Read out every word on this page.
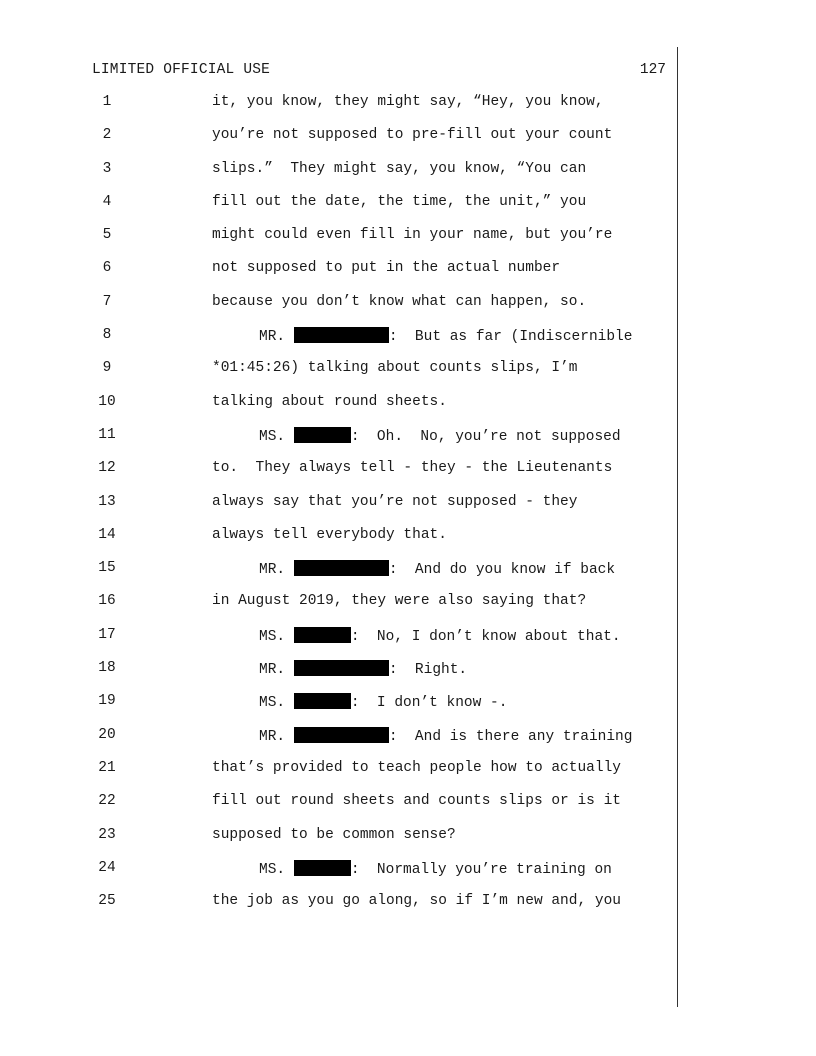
LIMITED OFFICIAL USE	127

1

	it, you know, they might say, “Hey, you know,

2

	you’re not supposed to pre-fill out your count

3

	slips.”  They might say, you know, “You can

4

	fill out the date, the time, the unit,” you

5

	might could even fill in your name, but you’re

6

	not supposed to put in the actual number

7

	because you don’t know what can happen, so.

8

	MR.	:  But as far (Indiscernible

9

	*01:45:26) talking about counts slips, I’m

10

	talking about round sheets.

11

	MS.	:  Oh.  No, you’re not supposed

12

	to.  They always tell - they - the Lieutenants

13

	always say that you’re not supposed - they

14

	always tell everybody that.

15

	MR.	:  And do you know if back

16

	in August 2019, they were also saying that?

17

	MS.	:  No, I don’t know about that.

18

	MR.	:  Right.

19

	MS.	:  I don’t know -.

20

	MR.	:  And is there any training

21

	that’s provided to teach people how to actually

22

	fill out round sheets and counts slips or is it

23

	supposed to be common sense?

24

	MS.	:  Normally you’re training on

25

	the job as you go along, so if I’m new and, you
